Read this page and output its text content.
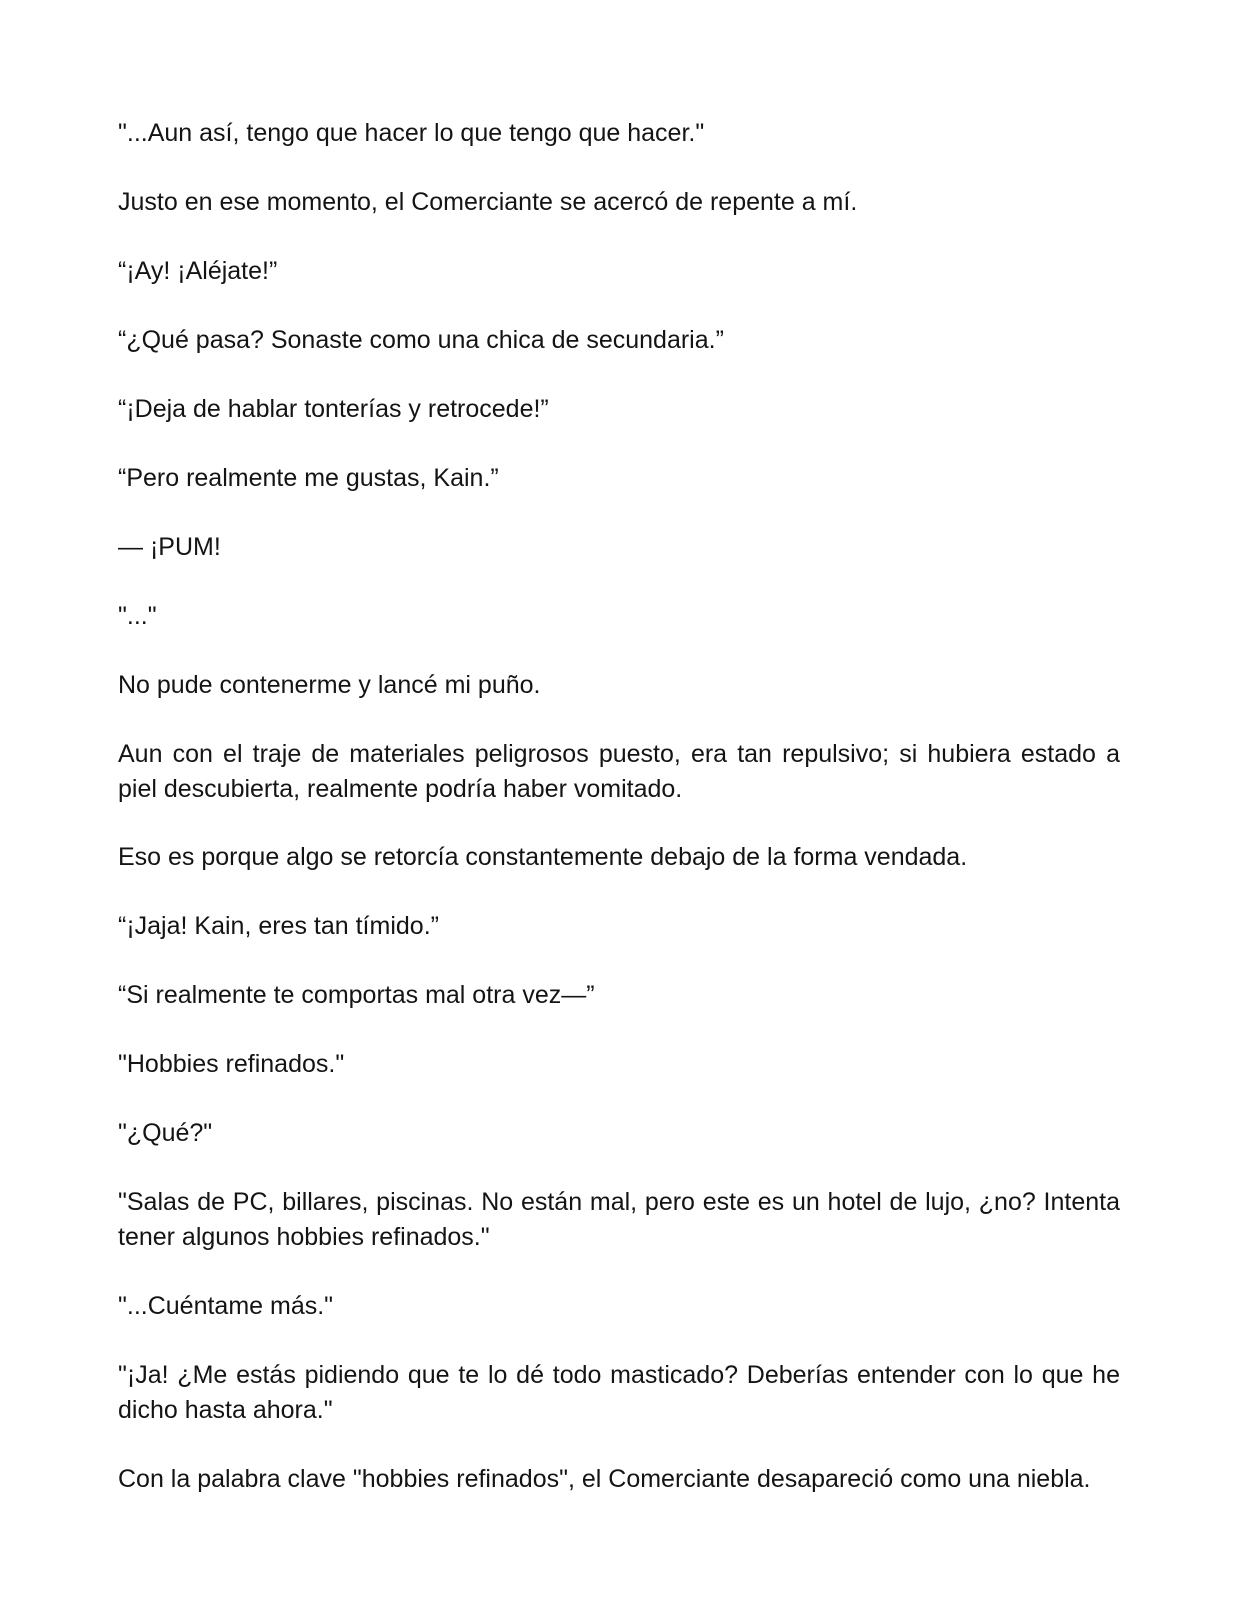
"...Aun así, tengo que hacer lo que tengo que hacer."

Justo en ese momento, el Comerciante se acercó de repente a mí.

“¡Ay! ¡Aléjate!”

“¿Qué pasa? Sonaste como una chica de secundaria.”

“¡Deja de hablar tonterías y retrocede!”

“Pero realmente me gustas, Kain.”

— ¡PUM!

"..."

No pude contenerme y lancé mi puño.

Aun con el traje de materiales peligrosos puesto, era tan repulsivo; si hubiera estado a piel descubierta, realmente podría haber vomitado.

Eso es porque algo se retorcía constantemente debajo de la forma vendada.

“¡Jaja! Kain, eres tan tímido.”

“Si realmente te comportas mal otra vez—”

"Hobbies refinados."

"¿Qué?"

"Salas de PC, billares, piscinas. No están mal, pero este es un hotel de lujo, ¿no? Intenta tener algunos hobbies refinados."

"...Cuéntame más."

"¡Ja! ¿Me estás pidiendo que te lo dé todo masticado? Deberías entender con lo que he dicho hasta ahora."

Con la palabra clave "hobbies refinados", el Comerciante desapareció como una niebla.
